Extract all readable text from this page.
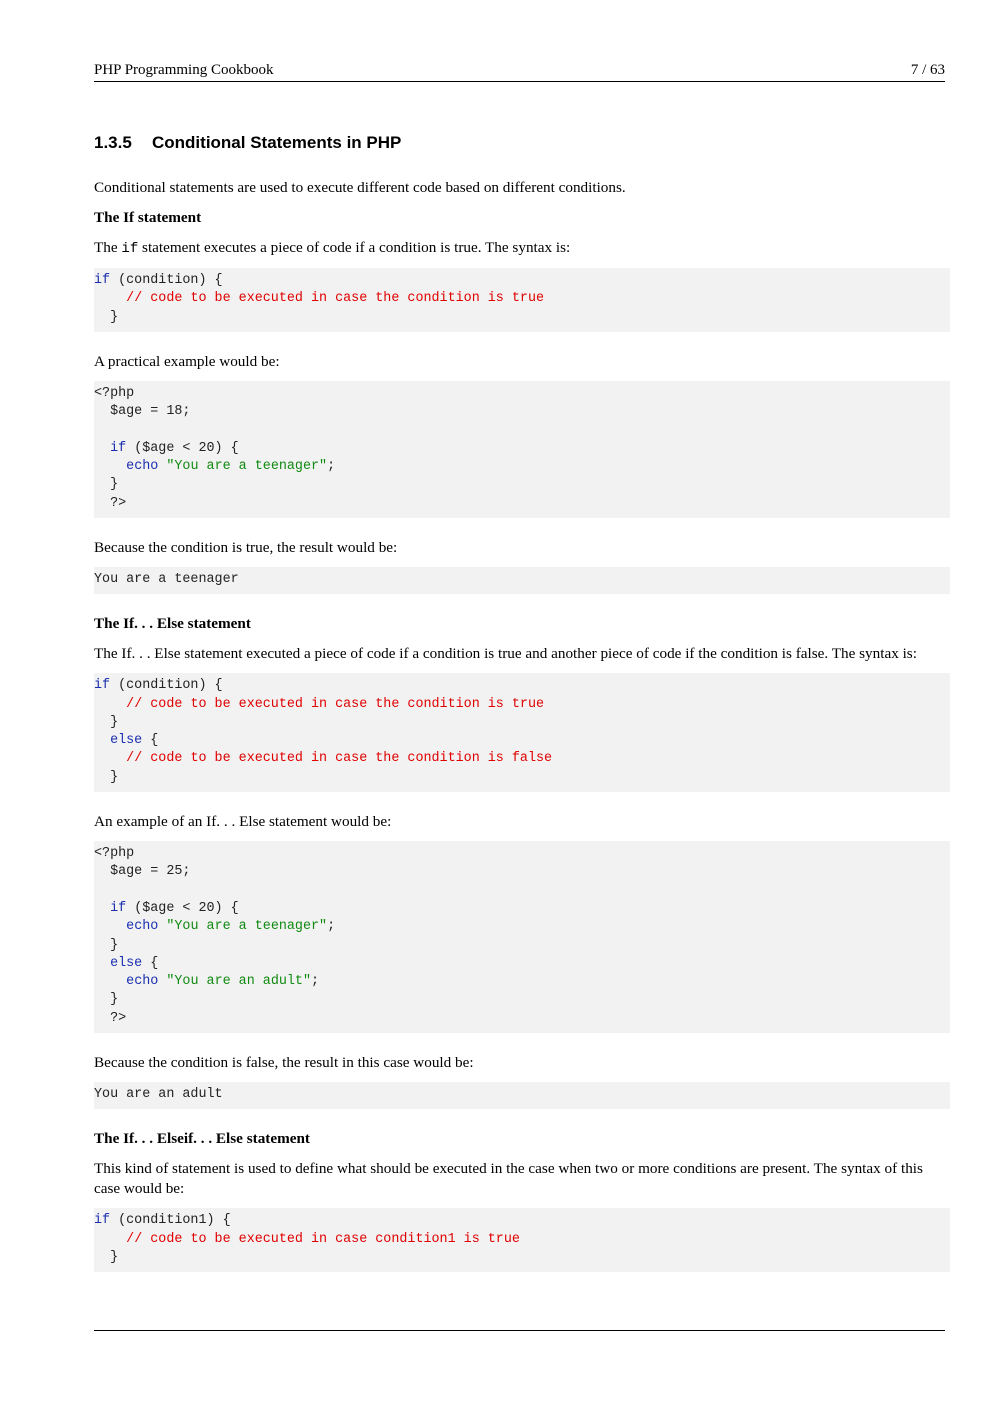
PHP Programming Cookbook	7 / 63
1.3.5 Conditional Statements in PHP

Conditional statements are used to execute different code based on different conditions.

The If statement

The if statement executes a piece of code if a condition is true. The syntax is:

if (condition) {
// code to be executed in case the condition is true
}

A practical example would be:

<?php
$age = 18;
if ($age < 20) {
echo "You are a teenager";
}
?>

Because the condition is true, the result would be:

You are a teenager

The If. . . Else statement

The If. . . Else statement executed a piece of code if a condition is true and another piece of code if the condition is false. The syntax is:

if (condition) {
// code to be executed in case the condition is true
}
else {
// code to be executed in case the condition is false
}

An example of an If. . . Else statement would be:

<?php
$age = 25;
if ($age < 20) {
echo "You are a teenager";
}
else {
echo "You are an adult";
}
?>

Because the condition is false, the result in this case would be:

You are an adult

The If. . . Elseif. . . Else statement

This kind of statement is used to define what should be executed in the case when two or more conditions are present. The syntax of this case would be:

if (condition1) {
// code to be executed in case condition1 is true
}
